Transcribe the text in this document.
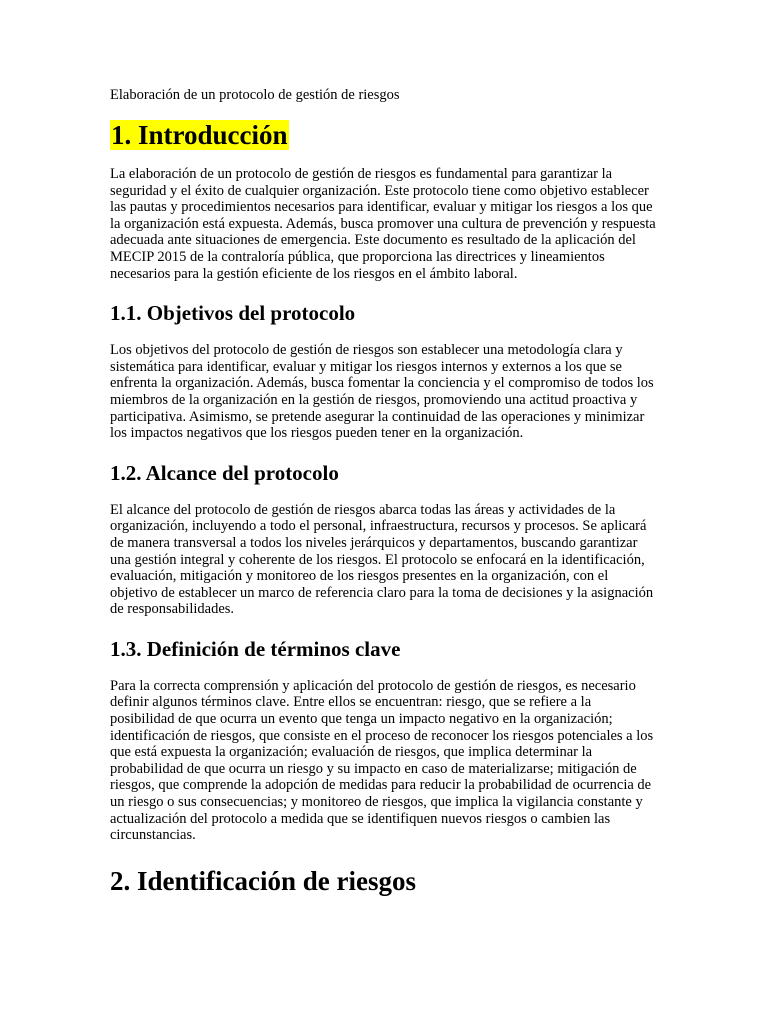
Elaboración de un protocolo de gestión de riesgos
1. Introducción

La elaboración de un protocolo de gestión de riesgos es fundamental para garantizar la seguridad y el éxito de cualquier organización. Este protocolo tiene como objetivo establecer las pautas y procedimientos necesarios para identificar, evaluar y mitigar los riesgos a los que la organización está expuesta. Además, busca promover una cultura de prevención y respuesta adecuada ante situaciones de emergencia. Este documento es resultado de la aplicación del MECIP 2015 de la contraloría pública, que proporciona las directrices y lineamientos necesarios para la gestión eficiente de los riesgos en el ámbito laboral.

1.1. Objetivos del protocolo

Los objetivos del protocolo de gestión de riesgos son establecer una metodología clara y sistemática para identificar, evaluar y mitigar los riesgos internos y externos a los que se enfrenta la organización. Además, busca fomentar la conciencia y el compromiso de todos los miembros de la organización en la gestión de riesgos, promoviendo una actitud proactiva y participativa. Asimismo, se pretende asegurar la continuidad de las operaciones y minimizar los impactos negativos que los riesgos pueden tener en la organización.

1.2. Alcance del protocolo

El alcance del protocolo de gestión de riesgos abarca todas las áreas y actividades de la organización, incluyendo a todo el personal, infraestructura, recursos y procesos. Se aplicará de manera transversal a todos los niveles jerárquicos y departamentos, buscando garantizar una gestión integral y coherente de los riesgos. El protocolo se enfocará en la identificación, evaluación, mitigación y monitoreo de los riesgos presentes en la organización, con el objetivo de establecer un marco de referencia claro para la toma de decisiones y la asignación de responsabilidades.

1.3. Definición de términos clave

Para la correcta comprensión y aplicación del protocolo de gestión de riesgos, es necesario definir algunos términos clave. Entre ellos se encuentran: riesgo, que se refiere a la posibilidad de que ocurra un evento que tenga un impacto negativo en la organización; identificación de riesgos, que consiste en el proceso de reconocer los riesgos potenciales a los que está expuesta la organización; evaluación de riesgos, que implica determinar la probabilidad de que ocurra un riesgo y su impacto en caso de materializarse; mitigación de riesgos, que comprende la adopción de medidas para reducir la probabilidad de ocurrencia de un riesgo o sus consecuencias; y monitoreo de riesgos, que implica la vigilancia constante y actualización del protocolo a medida que se identifiquen nuevos riesgos o cambien las circunstancias.

2. Identificación de riesgos
